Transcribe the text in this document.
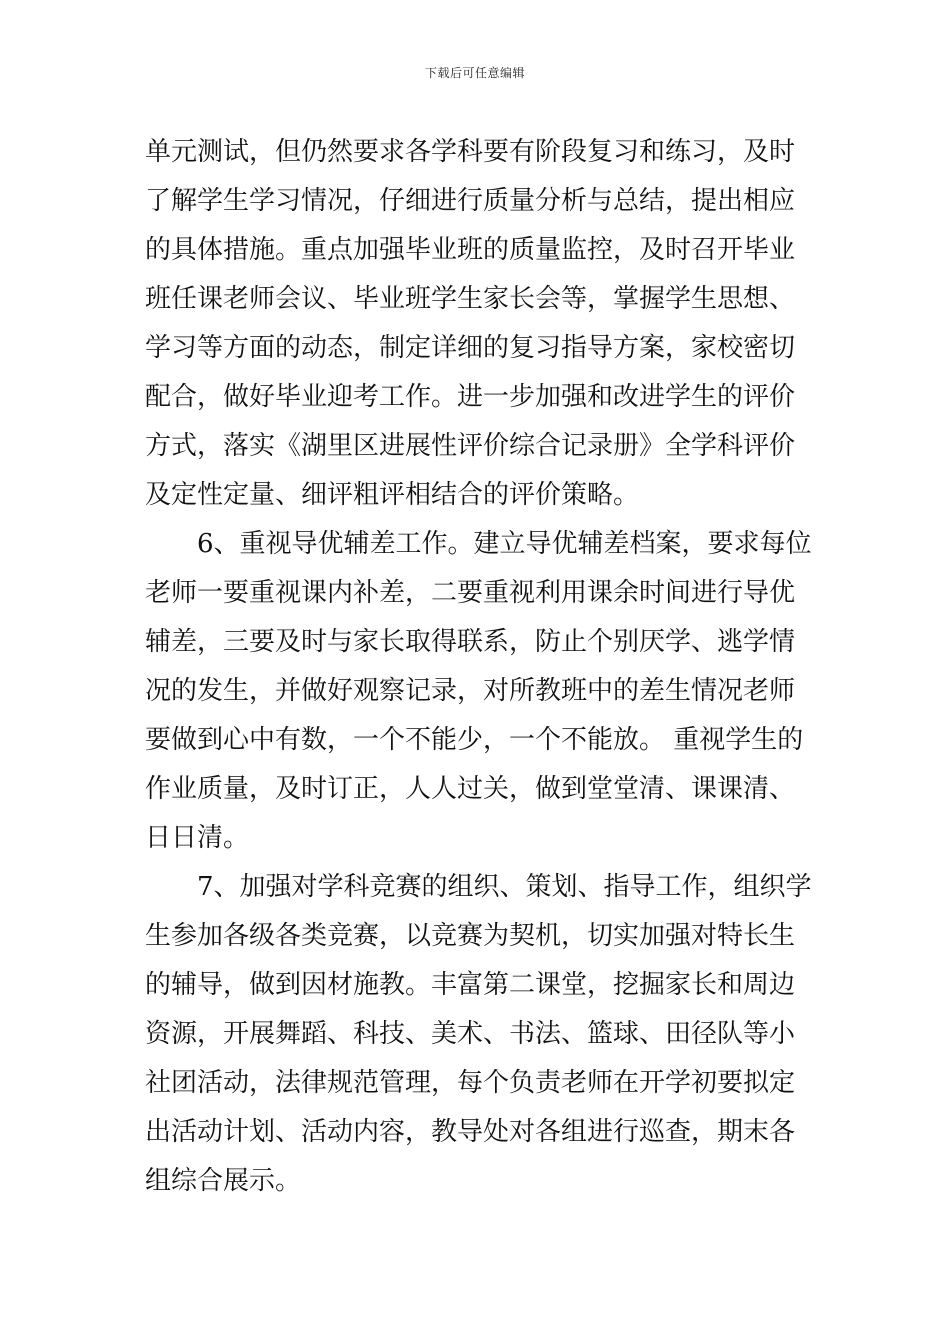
下载后可任意编辑
单元测试，但仍然要求各学科要有阶段复习和练习，及时
了解学生学习情况，仔细进行质量分析与总结，提出相应
的具体措施。重点加强毕业班的质量监控，及时召开毕业
班任课老师会议、毕业班学生家长会等，掌握学生思想、
学习等方面的动态，制定详细的复习指导方案，家校密切
配合，做好毕业迎考工作。进一步加强和改进学生的评价
方式，落实《湖里区进展性评价综合记录册》全学科评价
及定性定量、细评粗评相结合的评价策略。
　　6、重视导优辅差工作。建立导优辅差档案，要求每位
老师一要重视课内补差，二要重视利用课余时间进行导优
辅差，三要及时与家长取得联系，防止个别厌学、逃学情
况的发生，并做好观察记录，对所教班中的差生情况老师
要做到心中有数，一个不能少，一个不能放。 重视学生的
作业质量，及时订正，人人过关，做到堂堂清、课课清、
日日清。
　　7、加强对学科竞赛的组织、策划、指导工作，组织学
生参加各级各类竞赛，以竞赛为契机，切实加强对特长生
的辅导，做到因材施教。丰富第二课堂，挖掘家长和周边
资源，开展舞蹈、科技、美术、书法、篮球、田径队等小
社团活动，法律规范管理，每个负责老师在开学初要拟定
出活动计划、活动内容，教导处对各组进行巡查，期末各
组综合展示。
